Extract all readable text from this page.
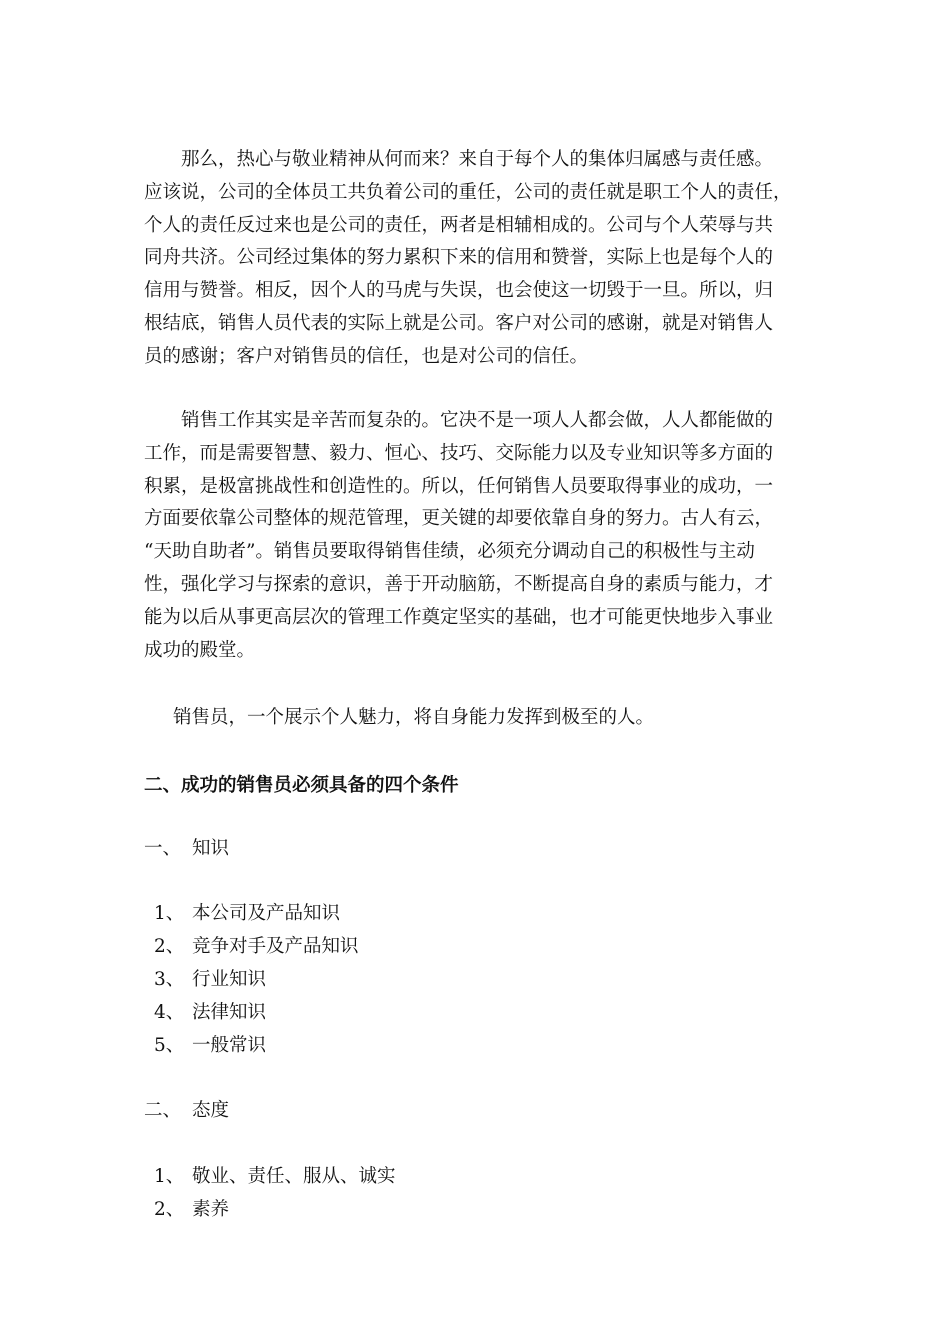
那么，热心与敬业精神从何而来？来自于每个人的集体归属感与责任感。
应该说，公司的全体员工共负着公司的重任，公司的责任就是职工个人的责任，
个人的责任反过来也是公司的责任，两者是相辅相成的。公司与个人荣辱与共
同舟共济。公司经过集体的努力累积下来的信用和赞誉，实际上也是每个人的
信用与赞誉。相反，因个人的马虎与失误，也会使这一切毁于一旦。所以，归
根结底，销售人员代表的实际上就是公司。客户对公司的感谢，就是对销售人
员的感谢；客户对销售员的信任，也是对公司的信任。

销售工作其实是辛苦而复杂的。它决不是一项人人都会做，人人都能做的
工作，而是需要智慧、毅力、恒心、技巧、交际能力以及专业知识等多方面的
积累，是极富挑战性和创造性的。所以，任何销售人员要取得事业的成功，一
方面要依靠公司整体的规范管理，更关键的却要依靠自身的努力。古人有云，
“天助自助者”。销售员要取得销售佳绩，必须充分调动自己的积极性与主动
性，强化学习与探索的意识，善于开动脑筋，不断提高自身的素质与能力，才
能为以后从事更高层次的管理工作奠定坚实的基础，也才可能更快地步入事业
成功的殿堂。

销售员，一个展示个人魅力，将自身能力发挥到极至的人。
二、成功的销售员必须具备的四个条件
一、 知识
1、 本公司及产品知识
2、 竞争对手及产品知识
3、 行业知识
4、 法律知识
5、 一般常识
二、 态度
1、 敬业、责任、服从、诚实
2、 素养
